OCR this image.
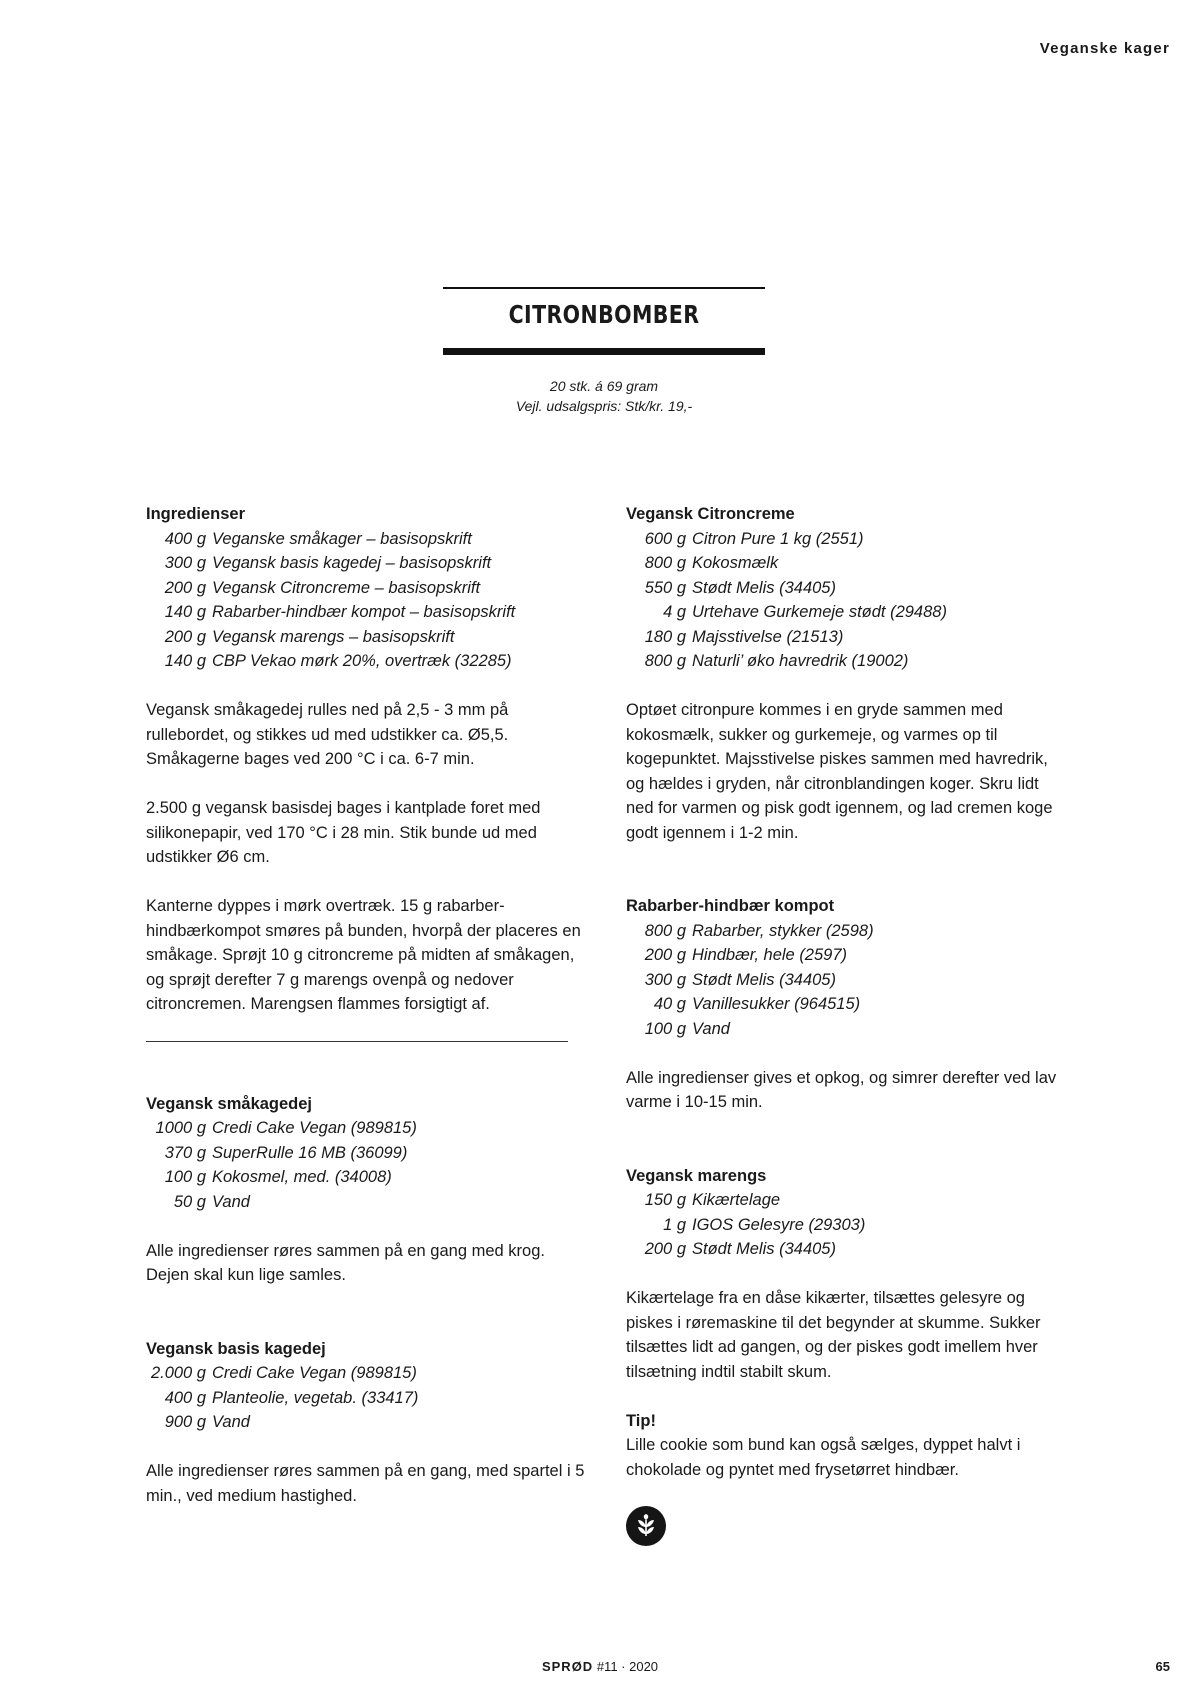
Veganske kager
CITRONBOMBER
20 stk. á 69 gram
Vejl. udsalgspris: Stk/kr. 19,-
Ingredienser
400 g Veganske småkager – basisopskrift
300 g Vegansk basis kagedej – basisopskrift
200 g Vegansk Citroncreme – basisopskrift
140 g Rabarber-hindbær kompot – basisopskrift
200 g Vegansk marengs – basisopskrift
140 g CBP Vekao mørk 20%, overtræk (32285)
Vegansk småkagedej rulles ned på 2,5 - 3 mm på rullebordet, og stikkes ud med udstikker ca. Ø5,5. Småkagerne bages ved 200 °C i ca. 6-7 min.
2.500 g vegansk basisdej bages i kantplade foret med silikonepapir, ved 170 °C i 28 min. Stik bunde ud med udstikker Ø6 cm.
Kanterne dyppes i mørk overtræk. 15 g rabarber-hindbærkompot smøres på bunden, hvorpå der placeres en småkage. Sprøjt 10 g citroncreme på midten af småkagen, og sprøjt derefter 7 g marengs ovenpå og nedover citroncremen. Marengsen flammes forsigtigt af.
Vegansk småkagedej
1000 g Credi Cake Vegan (989815)
370 g SuperRulle 16 MB (36099)
100 g Kokosmel, med. (34008)
50 g Vand
Alle ingredienser røres sammen på en gang med krog. Dejen skal kun lige samles.
Vegansk basis kagedej
2.000 g Credi Cake Vegan (989815)
400 g Planteolie, vegetab. (33417)
900 g Vand
Alle ingredienser røres sammen på en gang, med spartel i 5 min., ved medium hastighed.
Vegansk Citroncreme
600 g Citron Pure 1 kg (2551)
800 g Kokosmælk
550 g Stødt Melis (34405)
4 g Urtehave Gurkemeje stødt (29488)
180 g Majsstivelse (21513)
800 g Naturli’ øko havredrik (19002)
Optøet citronpure kommes i en gryde sammen med kokosmælk, sukker og gurkemeje, og varmes op til kogepunktet. Majsstivelse piskes sammen med havredrik, og hældes i gryden, når citronblandingen koger. Skru lidt ned for varmen og pisk godt igennem, og lad cremen koge godt igennem i 1-2 min.
Rabarber-hindbær kompot
800 g Rabarber, stykker (2598)
200 g Hindbær, hele (2597)
300 g Stødt Melis (34405)
40 g Vanillesukker (964515)
100 g Vand
Alle ingredienser gives et opkog, og simrer derefter ved lav varme i 10-15 min.
Vegansk marengs
150 g Kikærtelage
1 g IGOS Gelesyre (29303)
200 g Stødt Melis (34405)
Kikærtelage fra en dåse kikærter, tilsættes gelesyre og piskes i røremaskine til det begynder at skumme. Sukker tilsættes lidt ad gangen, og der piskes godt imellem hver tilsætning indtil stabilt skum.
Tip!
Lille cookie som bund kan også sælges, dyppet halvt i chokolade og pyntet med frysetørret hindbær.
SPRØD #11 · 2020	65
